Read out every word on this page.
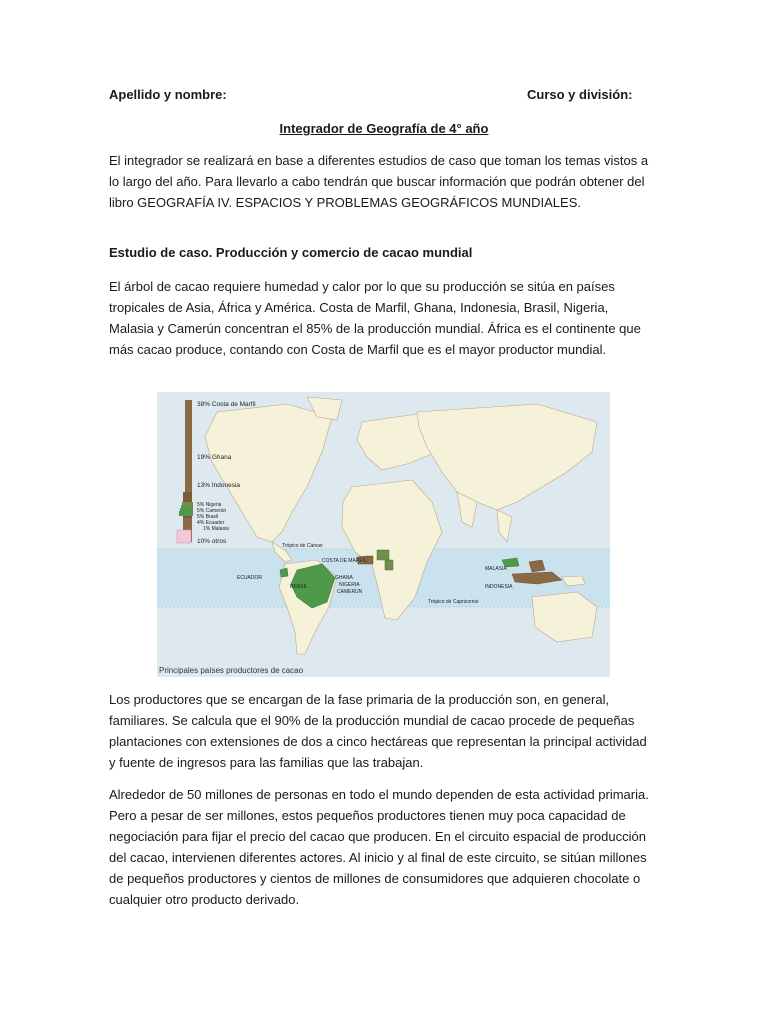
Apellido y nombre:	Curso y división:
Integrador de Geografía de 4° año

El integrador se realizará en base a diferentes estudios de caso que toman los temas vistos a lo largo del año. Para llevarlo a cabo tendrán que buscar información que podrán obtener del libro GEOGRAFÍA IV. ESPACIOS Y PROBLEMAS GEOGRÁFICOS MUNDIALES.

Estudio de caso. Producción y comercio de cacao mundial

El árbol de cacao requiere humedad y calor por lo que su producción se sitúa en países tropicales de Asia, África y América. Costa de Marfil, Ghana, Indonesia, Brasil, Nigeria, Malasia y Camerún concentran el 85% de la producción mundial. África es el continente que más cacao produce, contando con Costa de Marfil que es el mayor productor mundial.

38% Costa de Marfil
19% Ghana
13% Indonesia
5% Nigeria
5% Camerún
5% Brasil
4% Ecuador
1% Malasia
10% otros
Trópico de Cáncer
Trópico de Capricornio
COSTA DE MARFIL
ECUADOR
BRASIL
GHANA
NIGERIA
CAMERÚN
MALASIA
INDONESIA
Principales países productores de cacao

Los productores que se encargan de la fase primaria de la producción son, en general, familiares. Se calcula que el 90% de la producción mundial de cacao procede de pequeñas plantaciones con extensiones de dos a cinco hectáreas que representan la principal actividad y fuente de ingresos para las familias que las trabajan.

Alrededor de 50 millones de personas en todo el mundo dependen de esta actividad primaria. Pero a pesar de ser millones, estos pequeños productores tienen muy poca capacidad de negociación para fijar el precio del cacao que producen. En el circuito espacial de producción del cacao, intervienen diferentes actores. Al inicio y al final de este circuito, se sitúan millones de pequeños productores y cientos de millones de consumidores que adquieren chocolate o cualquier otro producto derivado.
